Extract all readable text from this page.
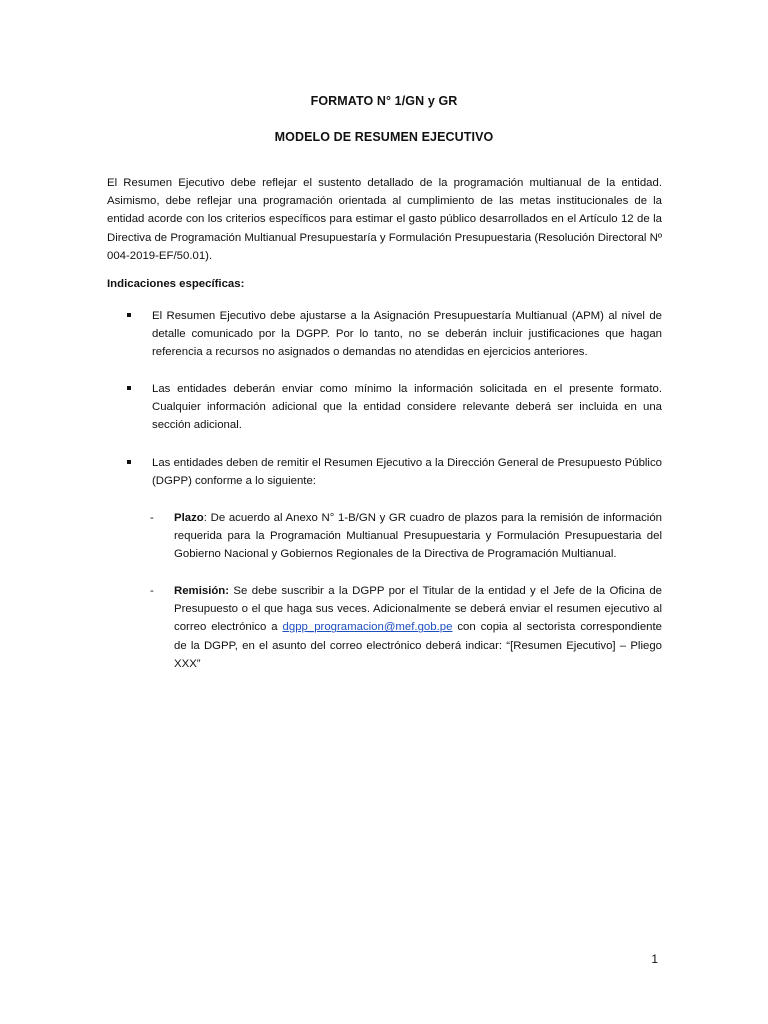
FORMATO N° 1/GN y GR
MODELO DE RESUMEN EJECUTIVO
El Resumen Ejecutivo debe reflejar el sustento detallado de la programación multianual de la entidad. Asimismo, debe reflejar una programación orientada al cumplimiento de las metas institucionales de la entidad acorde con los criterios específicos para estimar el gasto público desarrollados en el Artículo 12 de la Directiva de Programación Multianual Presupuestaría y Formulación Presupuestaria (Resolución Directoral Nº 004-2019-EF/50.01).
Indicaciones específicas:
El Resumen Ejecutivo debe ajustarse a la Asignación Presupuestaría Multianual (APM) al nivel de detalle comunicado por la DGPP. Por lo tanto, no se deberán incluir justificaciones que hagan referencia a recursos no asignados o demandas no atendidas en ejercicios anteriores.
Las entidades deberán enviar como mínimo la información solicitada en el presente formato. Cualquier información adicional que la entidad considere relevante deberá ser incluida en una sección adicional.
Las entidades deben de remitir el Resumen Ejecutivo a la Dirección General de Presupuesto Público (DGPP) conforme a lo siguiente:
- Plazo: De acuerdo al Anexo N° 1-B/GN y GR cuadro de plazos para la remisión de información requerida para la Programación Multianual Presupuestaria y Formulación Presupuestaria del Gobierno Nacional y Gobiernos Regionales de la Directiva de Programación Multianual.
- Remisión: Se debe suscribir a la DGPP por el Titular de la entidad y el Jefe de la Oficina de Presupuesto o el que haga sus veces. Adicionalmente se deberá enviar el resumen ejecutivo al correo electrónico a dgpp_programacion@mef.gob.pe con copia al sectorista correspondiente de la DGPP, en el asunto del correo electrónico deberá indicar: “[Resumen Ejecutivo] – Pliego XXX”
1
